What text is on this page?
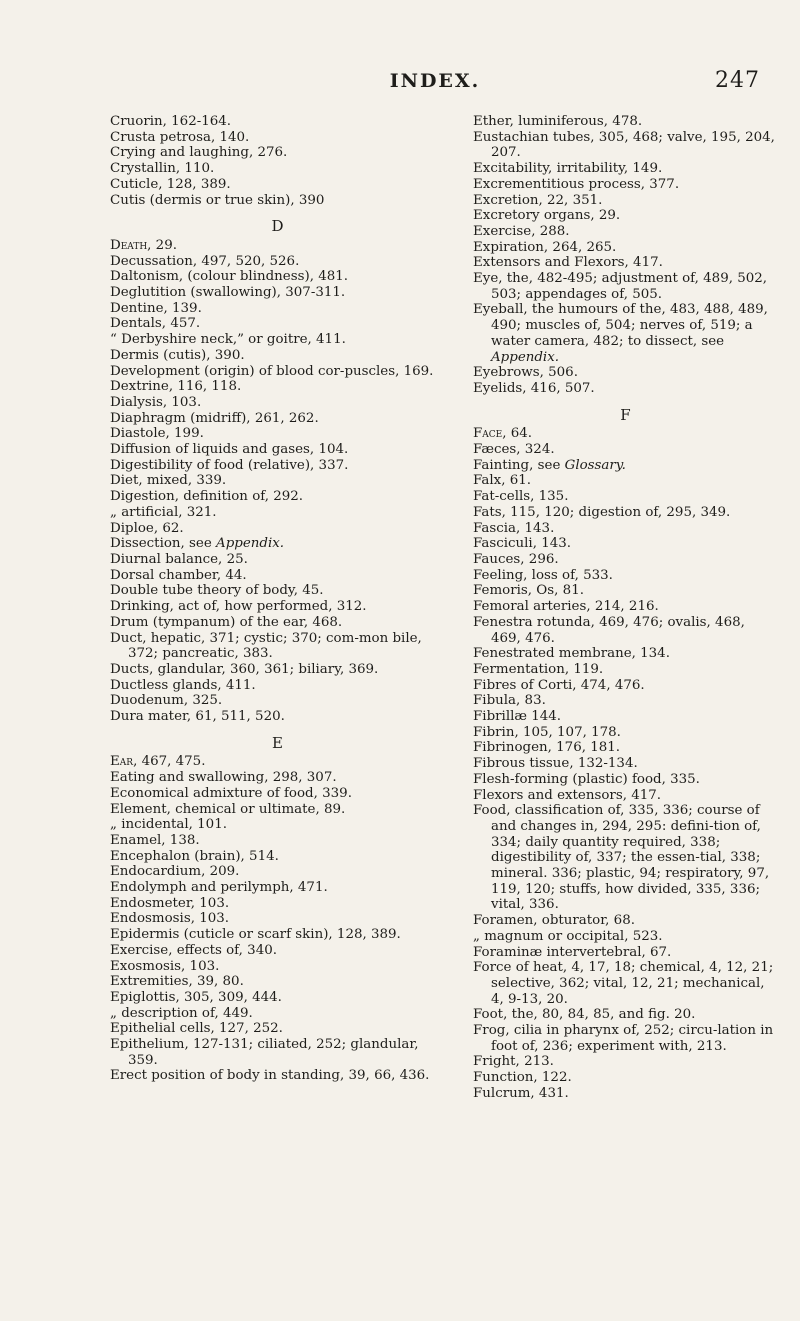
INDEX.	247
Cruorin, 162-164.
Crusta petrosa, 140.
Crying and laughing, 276.
Crystallin, 110.
Cuticle, 128, 389.
Cutis (dermis or true skin), 390
D
Death, 29.
Decussation, 497, 520, 526.
Daltonism, (colour blindness), 481.
Deglutition (swallowing), 307-311.
Dentine, 139.
Dentals, 457.
“ Derbyshire neck,” or goitre, 411.
Dermis (cutis), 390.
Development (origin) of blood cor-puscles, 169.
Dextrine, 116, 118.
Dialysis, 103.
Diaphragm (midriff), 261, 262.
Diastole, 199.
Diffusion of liquids and gases, 104.
Digestibility of food (relative), 337.
Diet, mixed, 339.
Digestion, definition of, 292.
„ artificial, 321.
Diploe, 62.
Dissection, see Appendix.
Diurnal balance, 25.
Dorsal chamber, 44.
Double tube theory of body, 45.
Drinking, act of, how performed, 312.
Drum (tympanum) of the ear, 468.
Duct, hepatic, 371; cystic; 370; com-mon bile, 372; pancreatic, 383.
Ducts, glandular, 360, 361; biliary, 369.
Ductless glands, 411.
Duodenum, 325.
Dura mater, 61, 511, 520.
E
Ear, 467, 475.
Eating and swallowing, 298, 307.
Economical admixture of food, 339.
Element, chemical or ultimate, 89.
„ incidental, 101.
Enamel, 138.
Encephalon (brain), 514.
Endocardium, 209.
Endolymph and perilymph, 471.
Endosmeter, 103.
Endosmosis, 103.
Epidermis (cuticle or scarf skin), 128, 389.
Exercise, effects of, 340.
Exosmosis, 103.
Extremities, 39, 80.
Epiglottis, 305, 309, 444.
„ description of, 449.
Epithelial cells, 127, 252.
Epithelium, 127-131; ciliated, 252; glandular, 359.
Erect position of body in standing, 39, 66, 436.
Ether, luminiferous, 478.
Eustachian tubes, 305, 468; valve, 195, 204, 207.
Excitability, irritability, 149.
Excrementitious process, 377.
Excretion, 22, 351.
Excretory organs, 29.
Exercise, 288.
Expiration, 264, 265.
Extensors and Flexors, 417.
Eye, the, 482-495; adjustment of, 489, 502, 503; appendages of, 505.
Eyeball, the humours of the, 483, 488, 489, 490; muscles of, 504; nerves of, 519; a water camera, 482; to dissect, see Appendix.
Eyebrows, 506.
Eyelids, 416, 507.
F
Face, 64.
Fæces, 324.
Fainting, see Glossary.
Falx, 61.
Fat-cells, 135.
Fats, 115, 120; digestion of, 295, 349.
Fascia, 143.
Fasciculi, 143.
Fauces, 296.
Feeling, loss of, 533.
Femoris, Os, 81.
Femoral arteries, 214, 216.
Fenestra rotunda, 469, 476; ovalis, 468, 469, 476.
Fenestrated membrane, 134.
Fermentation, 119.
Fibres of Corti, 474, 476.
Fibula, 83.
Fibrillæ 144.
Fibrin, 105, 107, 178.
Fibrinogen, 176, 181.
Fibrous tissue, 132-134.
Flesh-forming (plastic) food, 335.
Flexors and extensors, 417.
Food, classification of, 335, 336; course of and changes in, 294, 295: defini-tion of, 334; daily quantity required, 338; digestibility of, 337; the essen-tial, 338; mineral. 336; plastic, 94; respiratory, 97, 119, 120; stuffs, how divided, 335, 336; vital, 336.
Foramen, obturator, 68.
„ magnum or occipital, 523.
Foraminæ intervertebral, 67.
Force of heat, 4, 17, 18; chemical, 4, 12, 21; selective, 362; vital, 12, 21; mechanical, 4, 9-13, 20.
Foot, the, 80, 84, 85, and fig. 20.
Frog, cilia in pharynx of, 252; circu-lation in foot of, 236; experiment with, 213.
Fright, 213.
Function, 122.
Fulcrum, 431.
